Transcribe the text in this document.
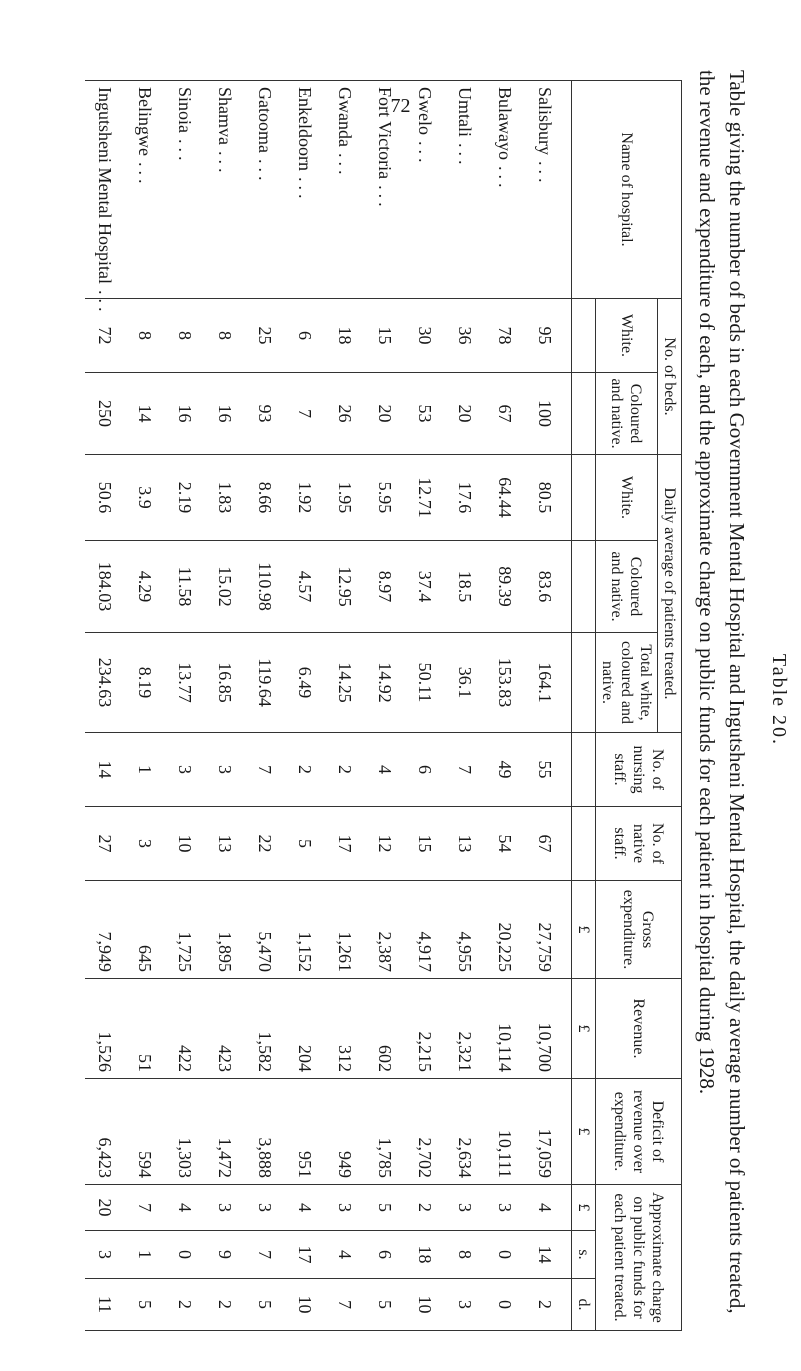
72
Table 20.
Table giving the number of beds in each Government Mental Hospital and Ingutsheni Mental Hospital, the daily average number of patients treated, the revenue and expenditure of each, and the approximate charge on public funds for each patient in hospital during 1928.
Name of hospital.	No. of beds.		Daily average of patients treated.			No. of nursing staff.	No. of native staff.	Gross expenditure.	Revenue.	Deficit of revenue over expenditure.	Approximate charge on public funds for each patient treated.		
	White.	Coloured and native.	White.	Coloured and native.	Total white, coloured and native.								
								£	£	£	£	s.	d.
Salisbury...	95	100	80.5	83.6	164.1	55	67	27,759	10,700	17,059	4	14	2
Bulawayo...	78	67	64.44	89.39	153.83	49	54	20,225	10,114	10,111	3	0	0
Umtali...	36	20	17.6	18.5	36.1	7	13	4,955	2,321	2,634	3	8	3
Gwelo...	30	53	12.71	37.4	50.11	6	15	4,917	2,215	2,702	2	18	10
Fort Victoria...	15	20	5.95	8.97	14.92	4	12	2,387	602	1,785	5	6	5
Gwanda...	18	26	1.95	12.95	14.25	2	17	1,261	312	949	3	4	7
Enkeldoorn...	6	7	1.92	4.57	6.49	2	5	1,152	204	951	4	17	10
Gatooma...	25	93	8.66	110.98	119.64	7	22	5,470	1,582	3,888	3	7	5
Shamva...	8	16	1.83	15.02	16.85	3	13	1,895	423	1,472	3	9	2
Sinoia...	8	16	2.19	11.58	13.77	3	10	1,725	422	1,303	4	0	2
Belingwe...	8	14	3.9	4.29	8.19	1	3	645	51	594	7	1	5
Ingutsheni Mental Hospital...	72	250	50.6	184.03	234.63	14	27	7,949	1,526	6,423	20	3	11
